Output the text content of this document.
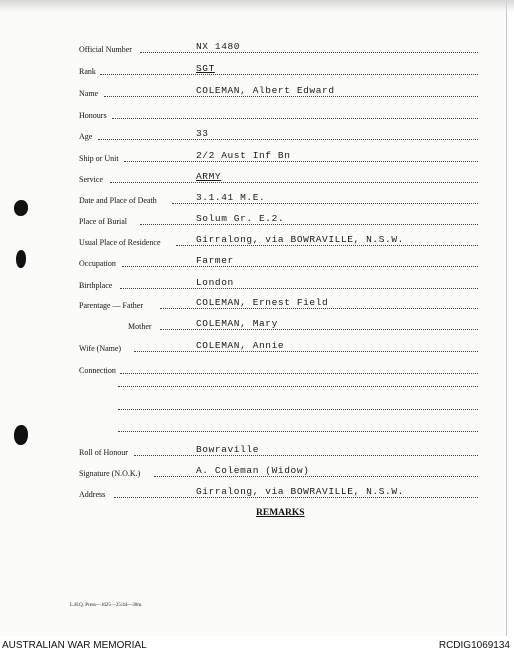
Official Number	NX 1480
Rank	SGT
Name	COLEMAN, Albert Edward
Honours
Age	33
Ship or Unit	2/2 Aust Inf Bn
Service	ARMY
Date and Place of Death	3.1.41 M.E.
Place of Burial	Solum Gr. E.2.
Usual Place of Residence	Girralong, via BOWRAVILLE, N.S.W.
Occupation	Farmer
Birthplace	London
Parentage — Father	COLEMAN, Ernest Field
Mother	COLEMAN, Mary
Wife (Name)	COLEMAN, Annie
Connection
Roll of Honour	Bowraville
Signature (N.O.K.)	A. Coleman (Widow)
Address	Girralong, via BOWRAVILLE, N.S.W.
REMARKS
L.H.Q. Press—1625—25/44—30m.
AUSTRALIAN WAR MEMORIAL	RCDIG1069134
